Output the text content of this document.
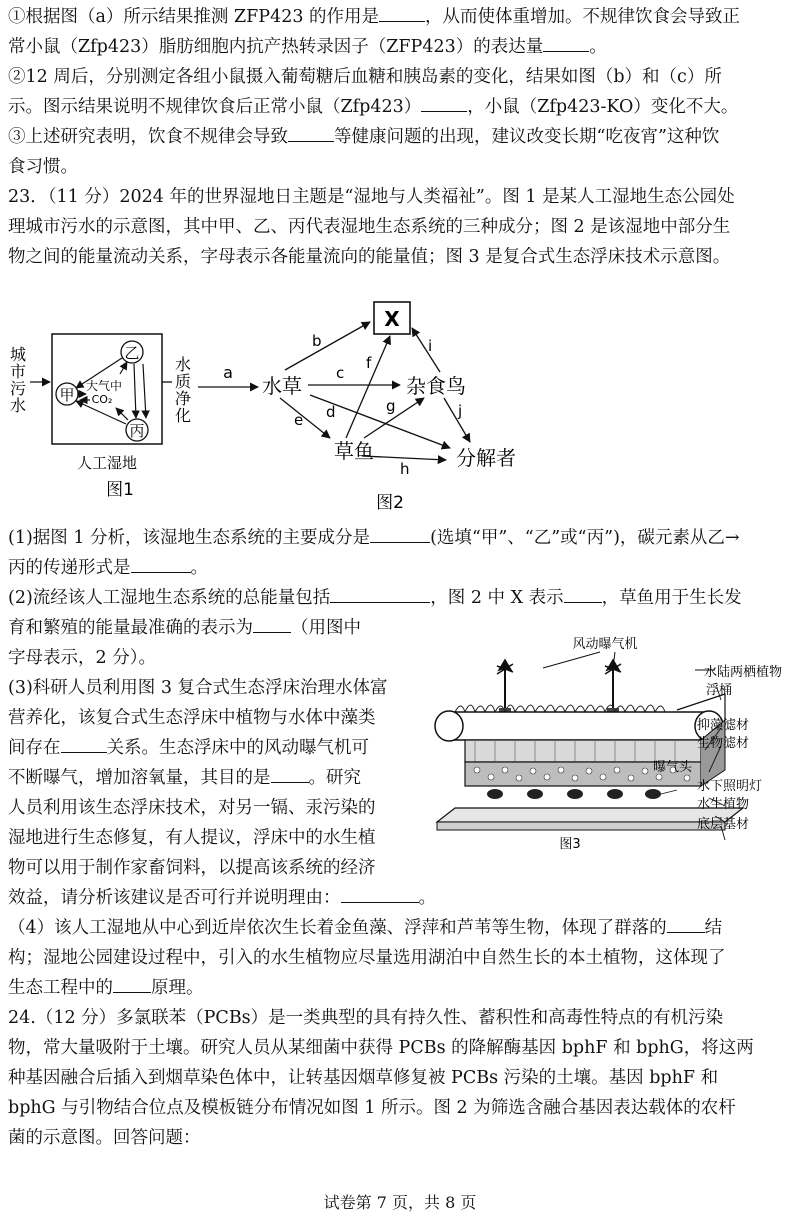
①根据图（a）所示结果推测 ZFP423 的作用是	，从而使体重增加。不规律饮食会导致正
常小鼠（Zfp423）脂肪细胞内抗产热转录因子（ZFP423）的表达量	。
②12 周后，分别测定各组小鼠摄入葡萄糖后血糖和胰岛素的变化，结果如图（b）和（c）所
示。图示结果说明不规律饮食后正常小鼠（Zfp423）	，小鼠（Zfp423-KO）变化不大。
③上述研究表明，饮食不规律会导致	等健康问题的出现，建议改变长期“吃夜宵”这种饮
食习惯。
23．（11 分）2024 年的世界湿地日主题是“湿地与人类福祉”。图 1 是某人工湿地生态公园处
理城市污水的示意图，其中甲、乙、丙代表湿地生态系统的三种成分；图 2 是该湿地中部分生
物之间的能量流动关系，字母表示各能量流向的能量值；图 3 是复合式生态浮床技术示意图。
城
市
污
水
乙
甲
丙
大气中
CO₂
人工湿地
水
质
净
化
图1
a
X
水草	杂食鸟
草鱼	分解者
b
c
d
e
f
g
h
i
j
图2
(1)据图 1 分析，该湿地生态系统的主要成分是	(选填“甲”、“乙”或“丙”)，碳元素从乙→
丙的传递形式是	。
(2)流经该人工湿地生态系统的总能量包括	，图 2 中 X 表示 ，草鱼用于生长发
育和繁殖的能量最准确的表示为 （用图中
字母表示，2 分）。
(3)科研人员利用图 3 复合式生态浮床治理水体富
营养化，该复合式生态浮床中植物与水体中藻类
间存在	关系。生态浮床中的风动曝气机可
不断曝气，增加溶氧量，其目的是 。研究
人员利用该生态浮床技术，对另一镉、汞污染的
湿地进行生态修复，有人提议，浮床中的水生植
物可以用于制作家畜饲料，以提高该系统的经济
效益，请分析该建议是否可行并说明理由：	。
风动曝气机
水陆两栖植物
浮桶
抑藻滤材
生物滤材
曝气头
水下照明灯
水生植物
底层基材
图3
（4）该人工湿地从中心到近岸依次生长着金鱼藻、浮萍和芦苇等生物，体现了群落的 结
构；湿地公园建设过程中，引入的水生植物应尽量选用湖泊中自然生长的本土植物，这体现了
生态工程中的 原理。
24.（12 分）多氯联苯（PCBs）是一类典型的具有持久性、蓄积性和高毒性特点的有机污染
物，常大量吸附于土壤。研究人员从某细菌中获得 PCBs 的降解酶基因 bphF 和 bphG，将这两
种基因融合后插入到烟草染色体中，让转基因烟草修复被 PCBs 污染的土壤。基因 bphF 和
bphG 与引物结合位点及模板链分布情况如图 1 所示。图 2 为筛选含融合基因表达载体的农杆
菌的示意图。回答问题：
试卷第 7 页，共 8 页
